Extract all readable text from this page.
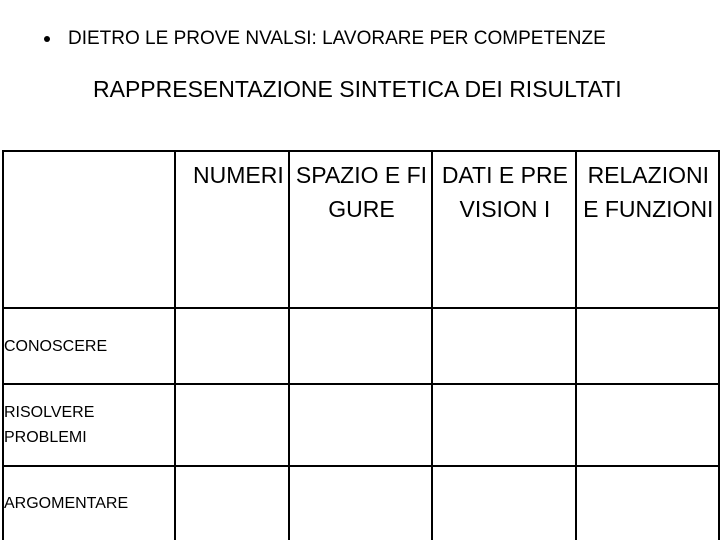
DIETRO LE PROVE NVALSI: LAVORARE PER COMPETENZE
RAPPRESENTAZIONE SINTETICA DEI RISULTATI

	NUMERI	SPAZIO E FIGURE	DATI E PREVISION I	RELAZIONI E FUNZIONI

CONOSCERE				
RISOLVERE PROBLEMI				
ARGOMENTARE				
